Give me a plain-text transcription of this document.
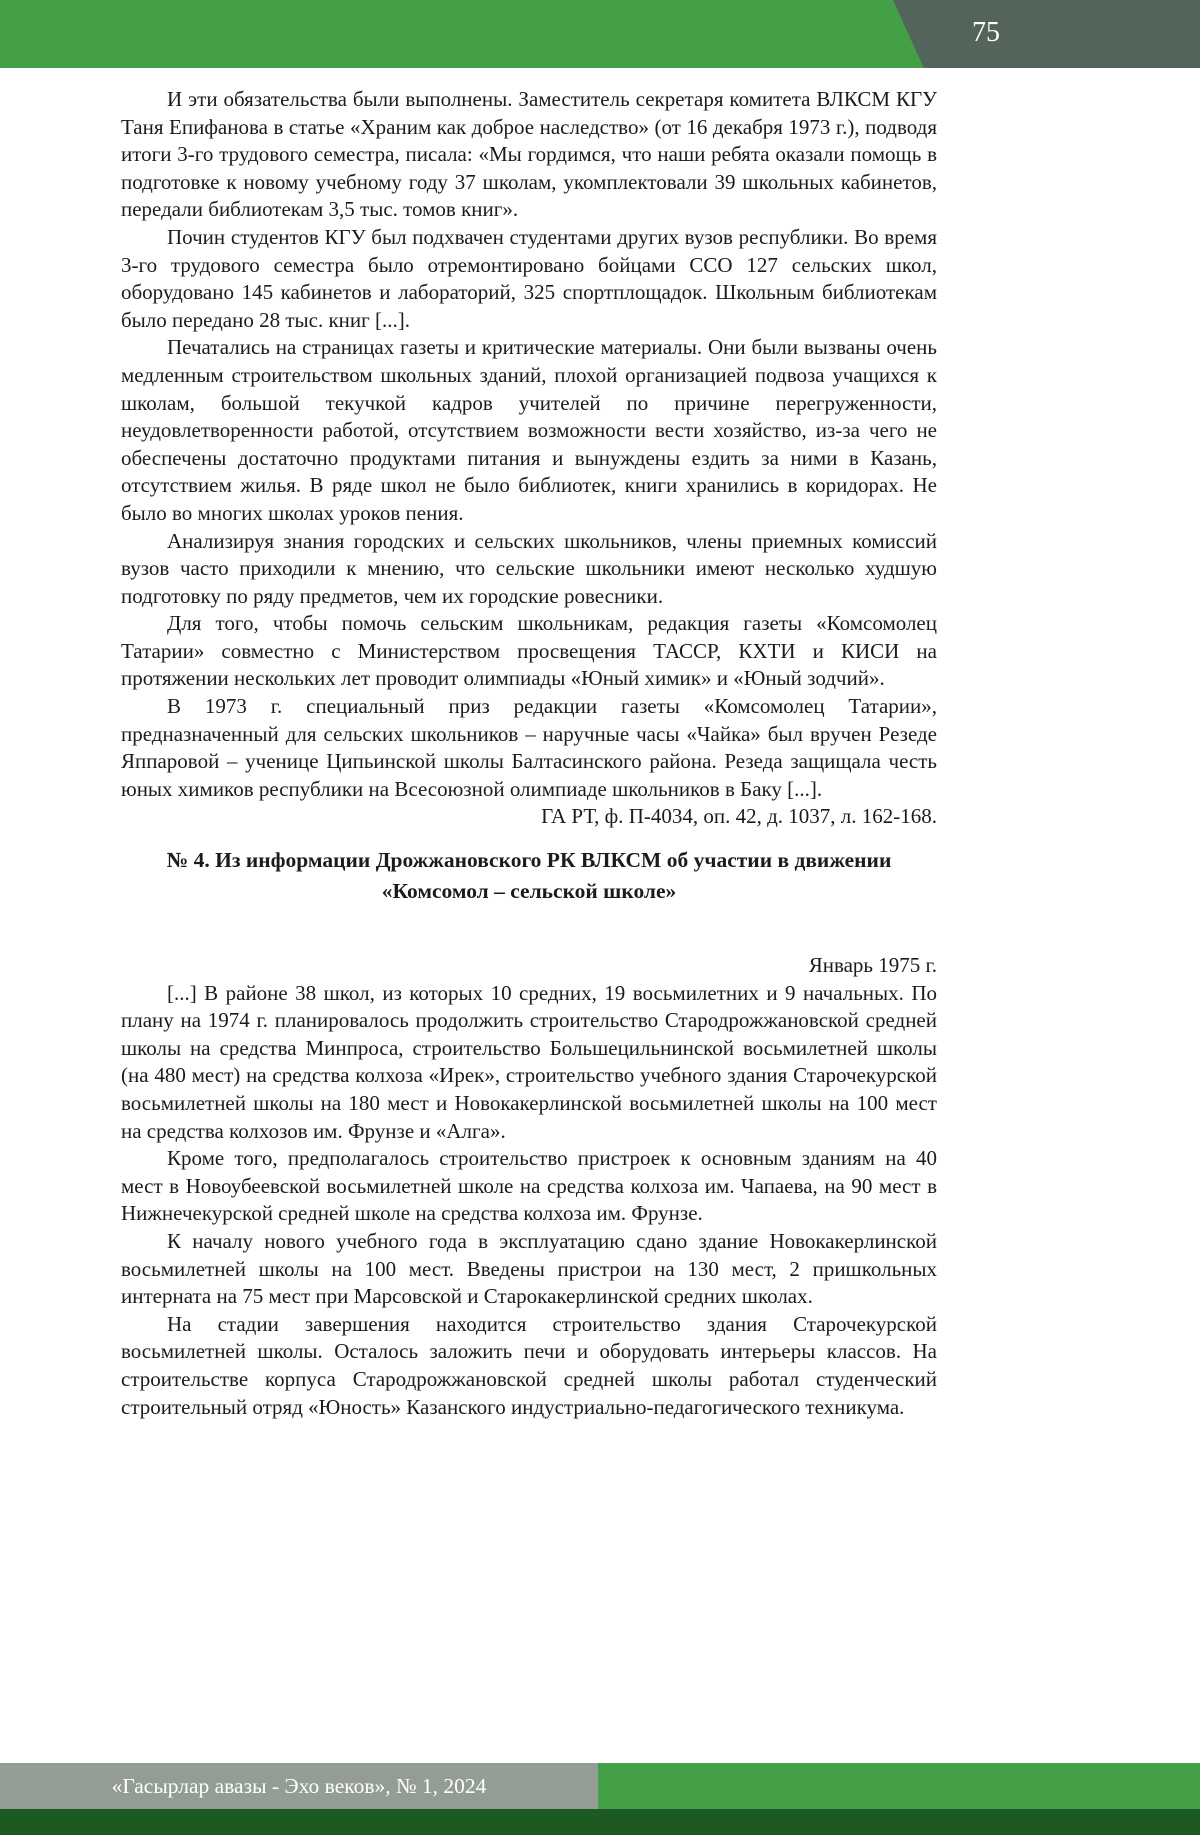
75

И эти обязательства были выполнены. Заместитель секретаря комитета ВЛКСМ КГУ Таня Епифанова в статье «Храним как доброе наследство» (от 16 декабря 1973 г.), подводя итоги 3-го трудового семестра, писала: «Мы гордимся, что наши ребята оказали помощь в подготовке к новому учебному году 37 школам, укомплектовали 39 школьных кабинетов, передали библиотекам 3,5 тыс. томов книг».

Почин студентов КГУ был подхвачен студентами других вузов республики. Во время 3-го трудового семестра было отремонтировано бойцами ССО 127 сельских школ, оборудовано 145 кабинетов и лабораторий, 325 спортплощадок. Школьным библиотекам было передано 28 тыс. книг [...].

Печатались на страницах газеты и критические материалы. Они были вызваны очень медленным строительством школьных зданий, плохой организацией подвоза учащихся к школам, большой текучкой кадров учителей по причине перегруженности, неудовлетворенности работой, отсутствием возможности вести хозяйство, из-за чего не обеспечены достаточно продуктами питания и вынуждены ездить за ними в Казань, отсутствием жилья. В ряде школ не было библиотек, книги хранились в коридорах. Не было во многих школах уроков пения.

Анализируя знания городских и сельских школьников, члены приемных комиссий вузов часто приходили к мнению, что сельские школьники имеют несколько худшую подготовку по ряду предметов, чем их городские ровесники.

Для того, чтобы помочь сельским школьникам, редакция газеты «Комсомолец Татарии» совместно с Министерством просвещения ТАССР, КХТИ и КИСИ на протяжении нескольких лет проводит олимпиады «Юный химик» и «Юный зодчий».

В 1973 г. специальный приз редакции газеты «Комсомолец Татарии», предназначенный для сельских школьников – наручные часы «Чайка» был вручен Резеде Яппаровой – ученице Ципьинской школы Балтасинского района. Резеда защищала честь юных химиков республики на Всесоюзной олимпиаде школьников в Баку [...].

ГА РТ, ф. П-4034, оп. 42, д. 1037, л. 162-168.

№ 4. Из информации Дрожжановского РК ВЛКСМ об участии в движении
«Комсомол – сельской школе»

Январь 1975 г.

[...] В районе 38 школ, из которых 10 средних, 19 восьмилетних и 9 начальных. По плану на 1974 г. планировалось продолжить строительство Стародрожжановской средней школы на средства Минпроса, строительство Большецильнинской восьмилетней школы (на 480 мест) на средства колхоза «Ирек», строительство учебного здания Старочекурской восьмилетней школы на 180 мест и Новокакерлинской восьмилетней школы на 100 мест на средства колхозов им. Фрунзе и «Алга».

Кроме того, предполагалось строительство пристроек к основным зданиям на 40 мест в Новоубеевской восьмилетней школе на средства колхоза им. Чапаева, на 90 мест в Нижнечекурской средней школе на средства колхоза им. Фрунзе.

К началу нового учебного года в эксплуатацию сдано здание Новокакерлинской восьмилетней школы на 100 мест. Введены пристрои на 130 мест, 2 пришкольных интерната на 75 мест при Марсовской и Старокакерлинской средних школах.

На стадии завершения находится строительство здания Старочекурской восьмилетней школы. Осталось заложить печи и оборудовать интерьеры классов. На строительстве корпуса Стародрожжановской средней школы работал студенческий строительный отряд «Юность» Казанского индустриально-педагогического техникума.

«Гасырлар авазы - Эхо веков», № 1, 2024
